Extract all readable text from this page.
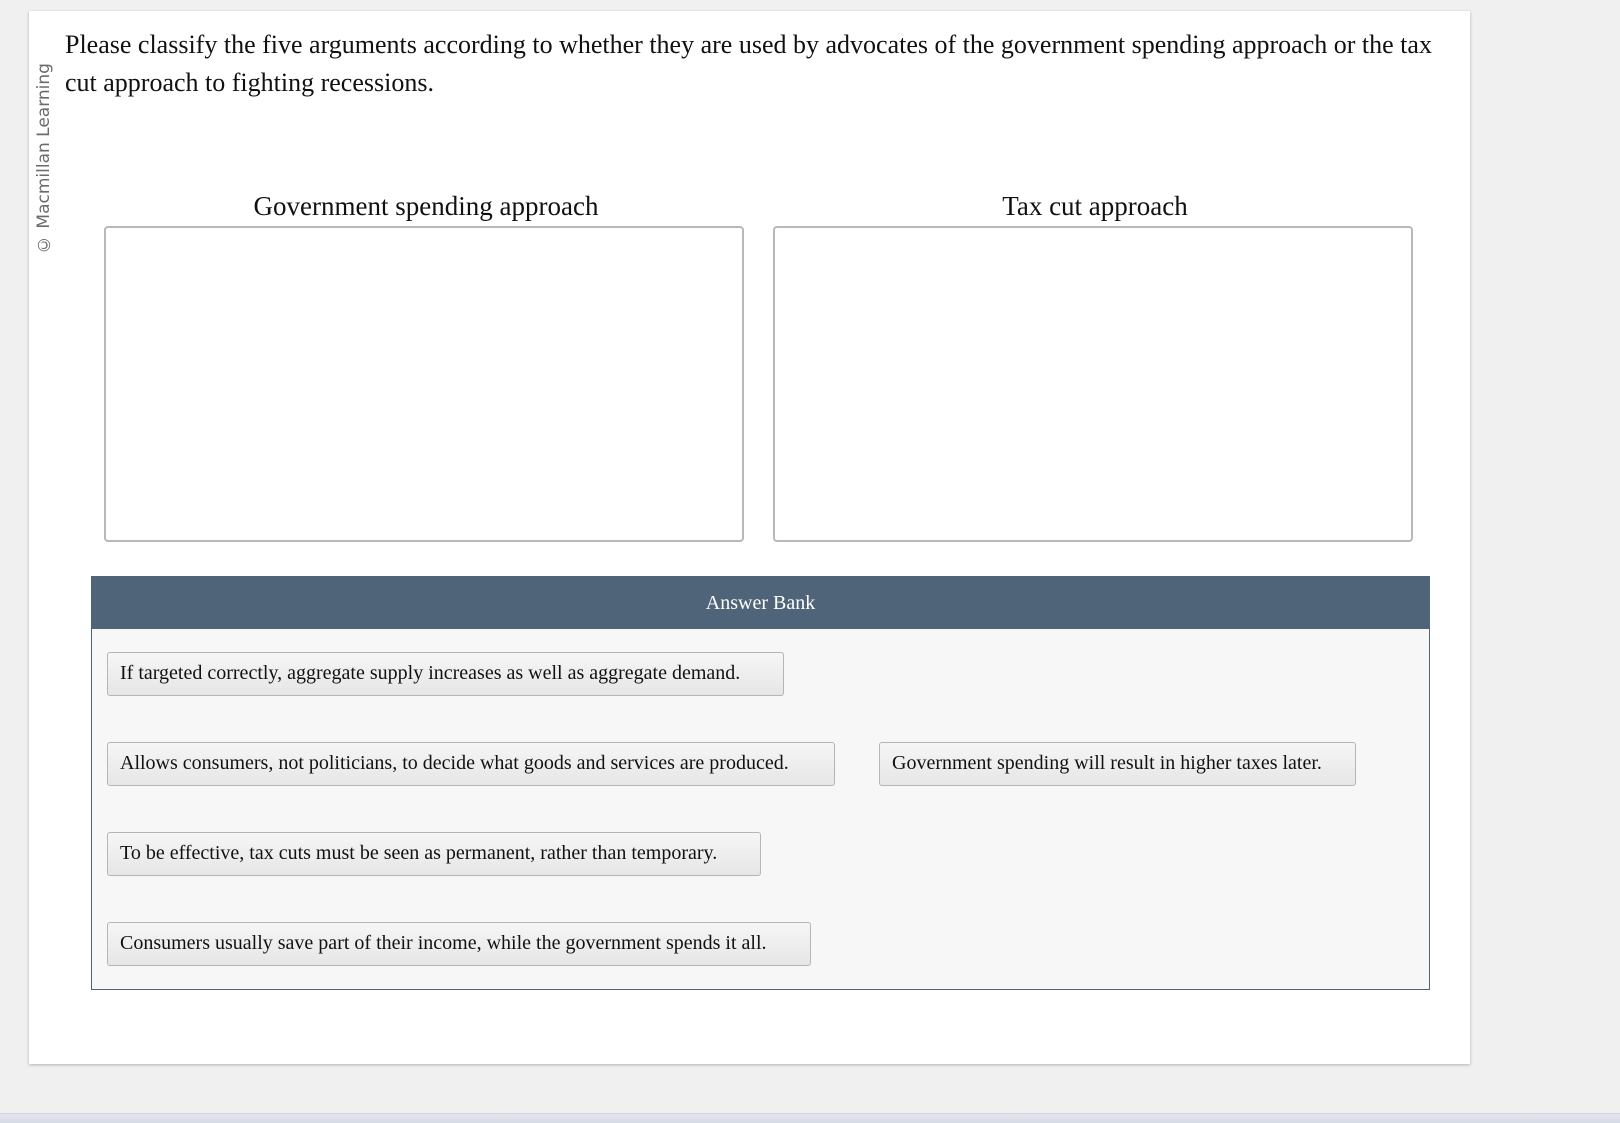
© Macmillan Learning
Please classify the five arguments according to whether they are used by advocates of the government spending approach or the tax cut approach to fighting recessions.
Government spending approach	Tax cut approach
Answer Bank
If targeted correctly, aggregate supply increases as well as aggregate demand.
Allows consumers, not politicians, to decide what goods and services are produced.	Government spending will result in higher taxes later.
To be effective, tax cuts must be seen as permanent, rather than temporary.
Consumers usually save part of their income, while the government spends it all.
